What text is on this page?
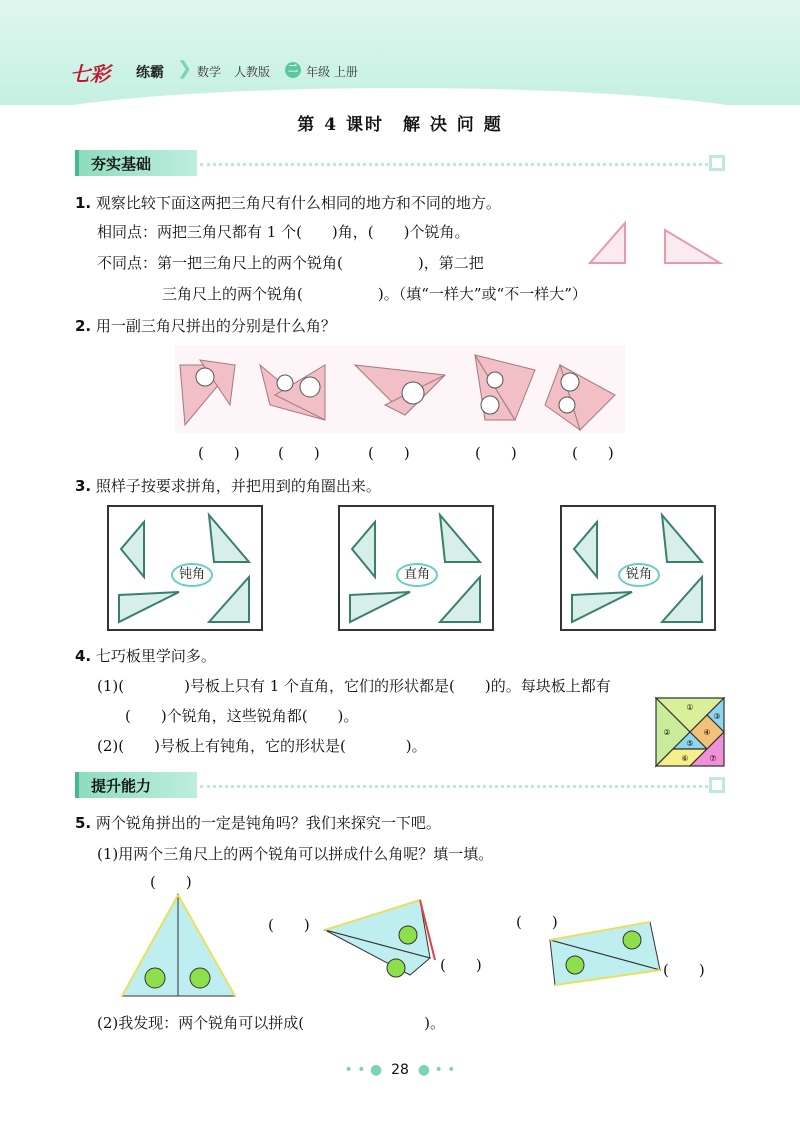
七彩 练霸 ❯ 数学 人教版	二 年级 上册
第 4 课时　解 决 问 题
夯实基础
1. 观察比较下面这两把三角尺有什么相同的地方和不同的地方。
相同点：两把三角尺都有 1 个(　　)角，(　　)个锐角。
不同点：第一把三角尺上的两个锐角(　　　　　)，第二把
三角尺上的两个锐角(　　　　　)。（填“一样大”或“不一样大”）
2. 用一副三角尺拼出的分别是什么角？
(　　)	(　　)	(　　)	(　　)	(　　)
3. 照样子按要求拼角，并把用到的角圈出来。
钝角	直角	锐角
4. 七巧板里学问多。
(1)(　　　　)号板上只有 1 个直角，它们的形状都是(　　)的。每块板上都有
(　　)个锐角，这些锐角都(　　)。
(2)(　　)号板上有钝角，它的形状是(　　　　)。
①
②
③
④
⑤
⑥	⑦
提升能力
5. 两个锐角拼出的一定是钝角吗？我们来探究一下吧。
(1)用两个三角尺上的两个锐角可以拼成什么角呢？填一填。
(　　)
(　　)
(　　)
(　　)
(　　)
(2)我发现：两个锐角可以拼成(　　　　　　　　)。
• • ●  28  ● • •
